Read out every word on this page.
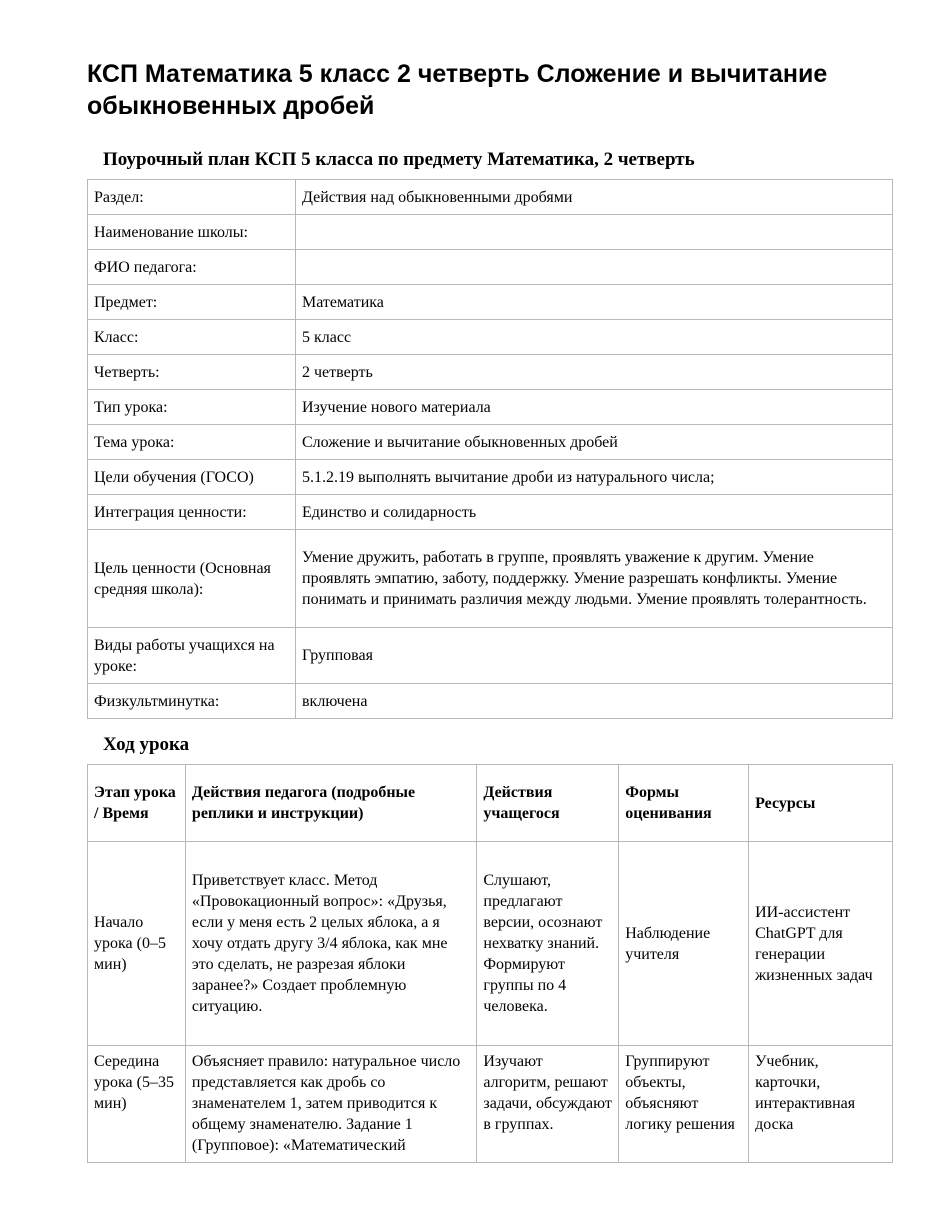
КСП Математика 5 класс 2 четверть Сложение и вычитание обыкновенных дробей
Поурочный план КСП 5 класса по предмету Математика, 2 четверть
Раздел:	Действия над обыкновенными дробями
Наименование школы:	
ФИО педагога:	
Предмет:	Математика
Класс:	5 класс
Четверть:	2 четверть
Тип урока:	Изучение нового материала
Тема урока:	Сложение и вычитание обыкновенных дробей
Цели обучения (ГОСО)	5.1.2.19 выполнять вычитание дроби из натурального числа;
Интеграция ценности:	Единство и солидарность
Цель ценности (Основная средняя школа):	Умение дружить, работать в группе, проявлять уважение к другим. Умение проявлять эмпатию, заботу, поддержку. Умение разрешать конфликты. Умение понимать и принимать различия между людьми. Умение проявлять толерантность.
Виды работы учащихся на уроке:	Групповая
Физкультминутка:	включена
Ход урока
Этап урока / Время	Действия педагога (подробные реплики и инструкции)	Действия учащегося	Формы оценивания	Ресурсы
Начало урока (0–5 мин)	Приветствует класс. Метод «Провокационный вопрос»: «Друзья, если у меня есть 2 целых яблока, а я хочу отдать другу 3/4 яблока, как мне это сделать, не разрезая яблоки заранее?» Создает проблемную ситуацию.	Слушают, предлагают версии, осознают нехватку знаний. Формируют группы по 4 человека.	Наблюдение учителя	ИИ-ассистент ChatGPT для генерации жизненных задач
Середина урока (5–35 мин)	Объясняет правило: натуральное число представляется как дробь со знаменателем 1, затем приводится к общему знаменателю. Задание 1 (Групповое): «Математический	Изучают алгоритм, решают задачи, обсуждают в группах.	Группируют объекты, объясняют логику решения	Учебник, карточки, интерактивная доска
